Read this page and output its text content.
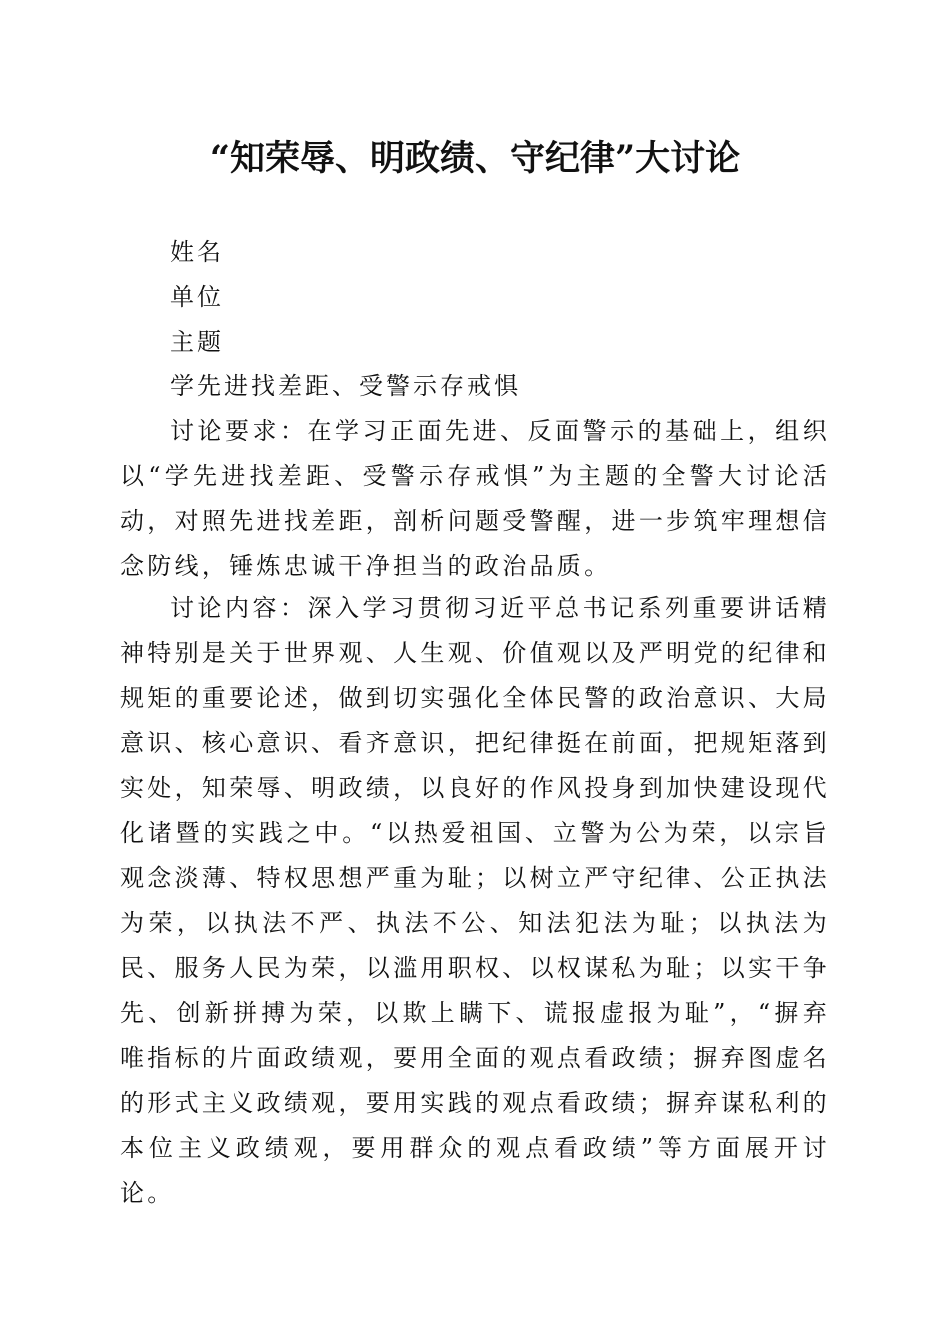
“知荣辱、明政绩、守纪律”大讨论

姓名

单位

主题

学先进找差距、受警示存戒惧

讨论要求：在学习正面先进、反面警示的基础上，组织以“学先进找差距、受警示存戒惧”为主题的全警大讨论活动，对照先进找差距，剖析问题受警醒，进一步筑牢理想信念防线，锤炼忠诚干净担当的政治品质。

讨论内容：深入学习贯彻习近平总书记系列重要讲话精神特别是关于世界观、人生观、价值观以及严明党的纪律和规矩的重要论述，做到切实强化全体民警的政治意识、大局意识、核心意识、看齐意识，把纪律挺在前面，把规矩落到实处，知荣辱、明政绩，以良好的作风投身到加快建设现代化诸暨的实践之中。“以热爱祖国、立警为公为荣，以宗旨观念淡薄、特权思想严重为耻；以树立严守纪律、公正执法为荣，以执法不严、执法不公、知法犯法为耻；以执法为民、服务人民为荣，以滥用职权、以权谋私为耻；以实干争先、创新拼搏为荣，以欺上瞒下、谎报虚报为耻”，“摒弃唯指标的片面政绩观，要用全面的观点看政绩；摒弃图虚名的形式主义政绩观，要用实践的观点看政绩；摒弃谋私利的本位主义政绩观，要用群众的观点看政绩”等方面展开讨论。
